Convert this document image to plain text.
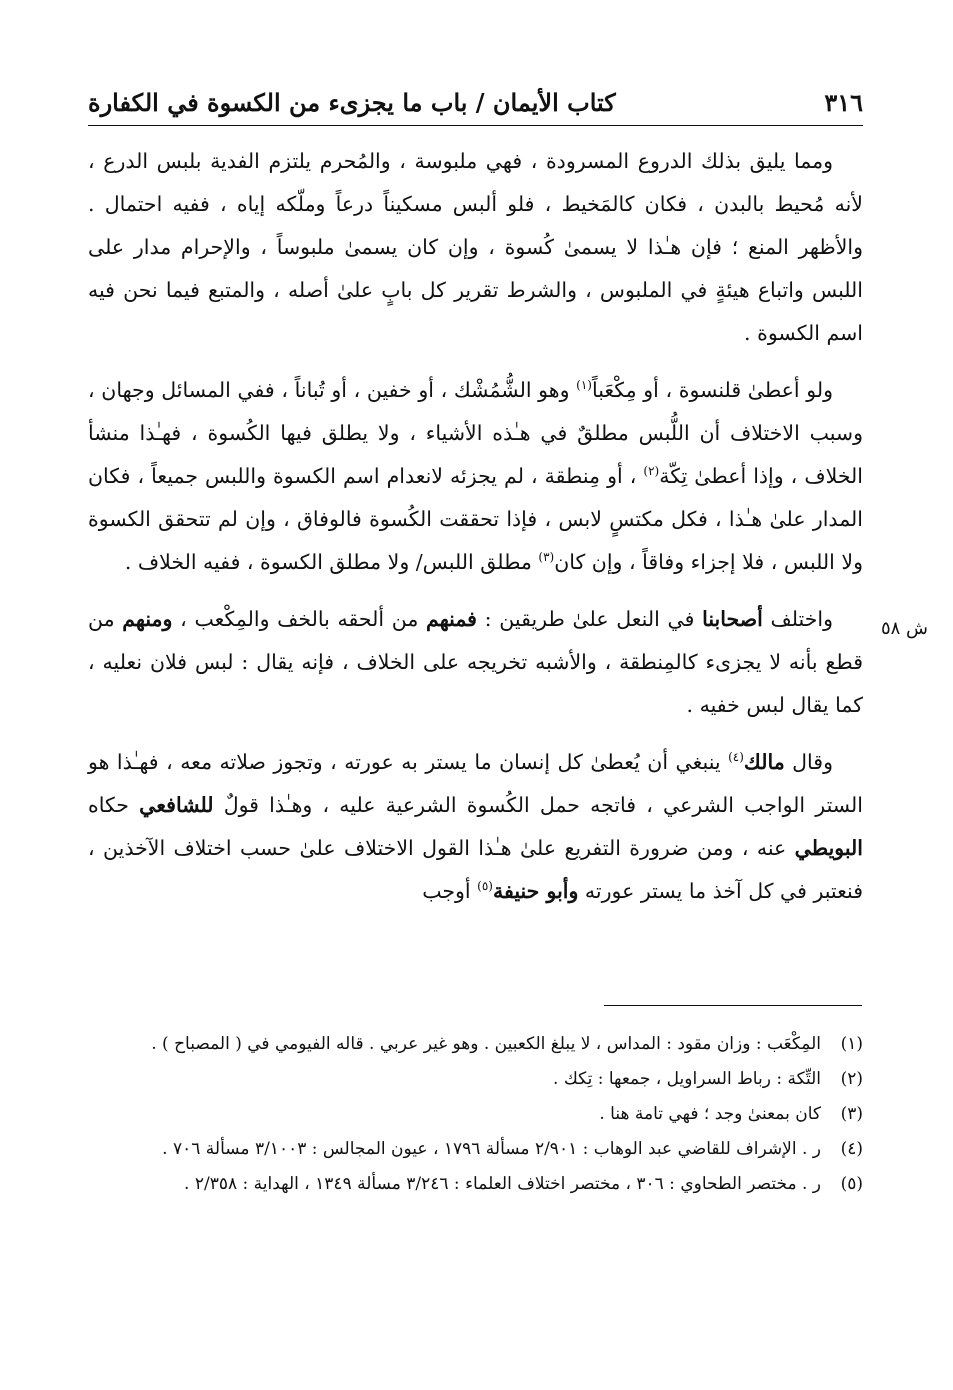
٣١٦
كتاب الأيمان / باب ما يجزىء من الكسوة في الكفارة

ومما يليق بذلك الدروع المسرودة ، فهي ملبوسة ، والمُحرم يلتزم الفدية بلبس الدرع ، لأنه مُحيط بالبدن ، فكان كالمَخيط ، فلو ألبس مسكيناً درعاً وملّكه إياه ، ففيه احتمال . والأظهر المنع ؛ فإن هـٰذا لا يسمىٰ كُسوة ، وإن كان يسمىٰ ملبوساً ، والإحرام مدار على اللبس واتباع هيئةٍ في الملبوس ، والشرط تقرير كل بابٍ علىٰ أصله ، والمتبع فيما نحن فيه اسم الكسوة .

ولو أعطىٰ قلنسوة ، أو مِكْعَباً$^{(١)}$ وهو الشُّمُشْك ، أو خفين ، أو تُباناً ، ففي المسائل وجهان ، وسبب الاختلاف أن اللُّبس مطلقٌ في هـٰذه الأشياء ، ولا يطلق فيها الكُسوة ، فهـٰذا منشأ الخلاف ، وإذا أعطىٰ تِكّة$^{(٢)}$ ، أو مِنطقة ، لم يجزئه لانعدام اسم الكسوة واللبس جميعاً ، فكان المدار علىٰ هـٰذا ، فكل مكتسٍ لابس ، فإذا تحققت الكُسوة فالوفاق ، وإن لم تتحقق الكسوة ولا اللبس ، فلا إجزاء وفاقاً ، وإن كان$^{(٣)}$ مطلق اللبس/ ولا مطلق الكسوة ، ففيه الخلاف .

واختلف أصحابنا في النعل علىٰ طريقين : فمنهم من ألحقه بالخف والمِكْعب ، ومنهم من قطع بأنه لا يجزىء كالمِنطقة ، والأشبه تخريجه على الخلاف ، فإنه يقال : لبس فلان نعليه ، كما يقال لبس خفيه .

وقال مالك$^{(٤)}$ ينبغي أن يُعطىٰ كل إنسان ما يستر به عورته ، وتجوز صلاته معه ، فهـٰذا هو الستر الواجب الشرعي ، فاتجه حمل الكُسوة الشرعية عليه ، وهـٰذا قولٌ للشافعي حكاه البويطي عنه ، ومن ضرورة التفريع علىٰ هـٰذا القول الاختلاف علىٰ حسب اختلاف الآخذين ، فنعتبر في كل آخذ ما يستر عورته وأبو حنيفة$^{(٥)}$ أوجب

ش ٥٨
(١)
المِكْعَب : وزان مقود : المداس ، لا يبلغ الكعبين . وهو غير عربي . قاله الفيومي في ( المصباح ) .
(٢)
التِّكة : رباط السراويل ، جمعها : تِكك .
(٣)
كان بمعنىٰ وجد ؛ فهي تامة هنا .
(٤)
ر . الإشراف للقاضي عبد الوهاب : ٢/٩٠١ مسألة ١٧٩٦ ، عيون المجالس : ٣/١٠٠٣ مسألة ٧٠٦ .
(٥)
ر . مختصر الطحاوي : ٣٠٦ ، مختصر اختلاف العلماء : ٣/٢٤٦ مسألة ١٣٤٩ ، الهداية : ٢/٣٥٨ .
